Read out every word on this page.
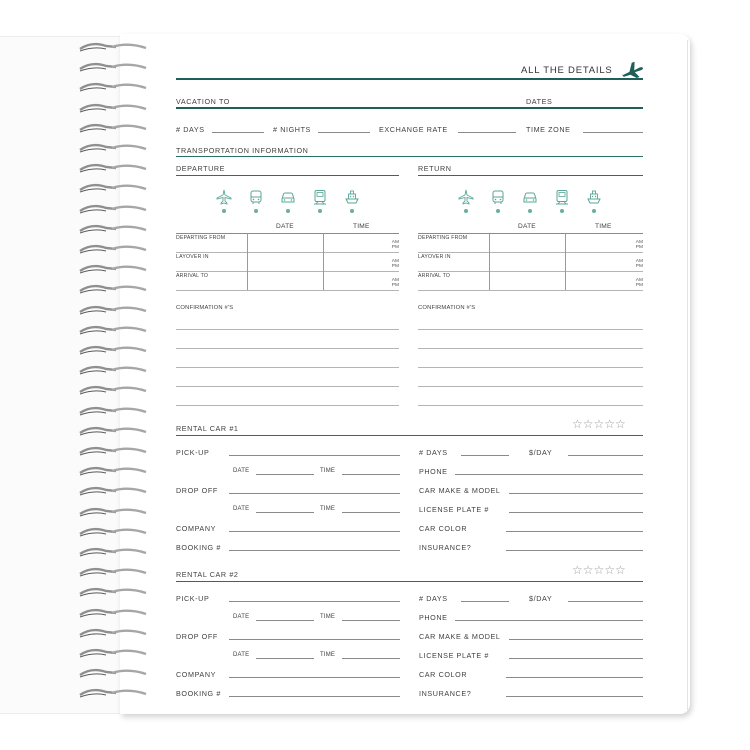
ALL THE DETAILS
VACATION TO	DATES
# DAYS	# NIGHTS	EXCHANGE RATE	TIME ZONE
TRANSPORTATION INFORMATION
DEPARTURE	RETURN
DATE	TIME
DEPARTING FROM
AM
PM
LAYOVER IN
AM
PM
ARRIVAL TO
AM
PM
CONFIRMATION #'S
DATE	TIME
DEPARTING FROM
AM
PM
LAYOVER IN
AM
PM
ARRIVAL TO
AM
PM
CONFIRMATION #'S
RENTAL CAR #1	☆☆☆☆☆
PICK-UP
DATE	TIME
DROP OFF
DATE	TIME
COMPANY
BOOKING #
# DAYS	$/DAY
PHONE
CAR MAKE & MODEL
LICENSE PLATE #
CAR COLOR
INSURANCE?
RENTAL CAR #2	☆☆☆☆☆
PICK-UP
DATE	TIME
DROP OFF
DATE	TIME
COMPANY
BOOKING #
# DAYS	$/DAY
PHONE
CAR MAKE & MODEL
LICENSE PLATE #
CAR COLOR
INSURANCE?
